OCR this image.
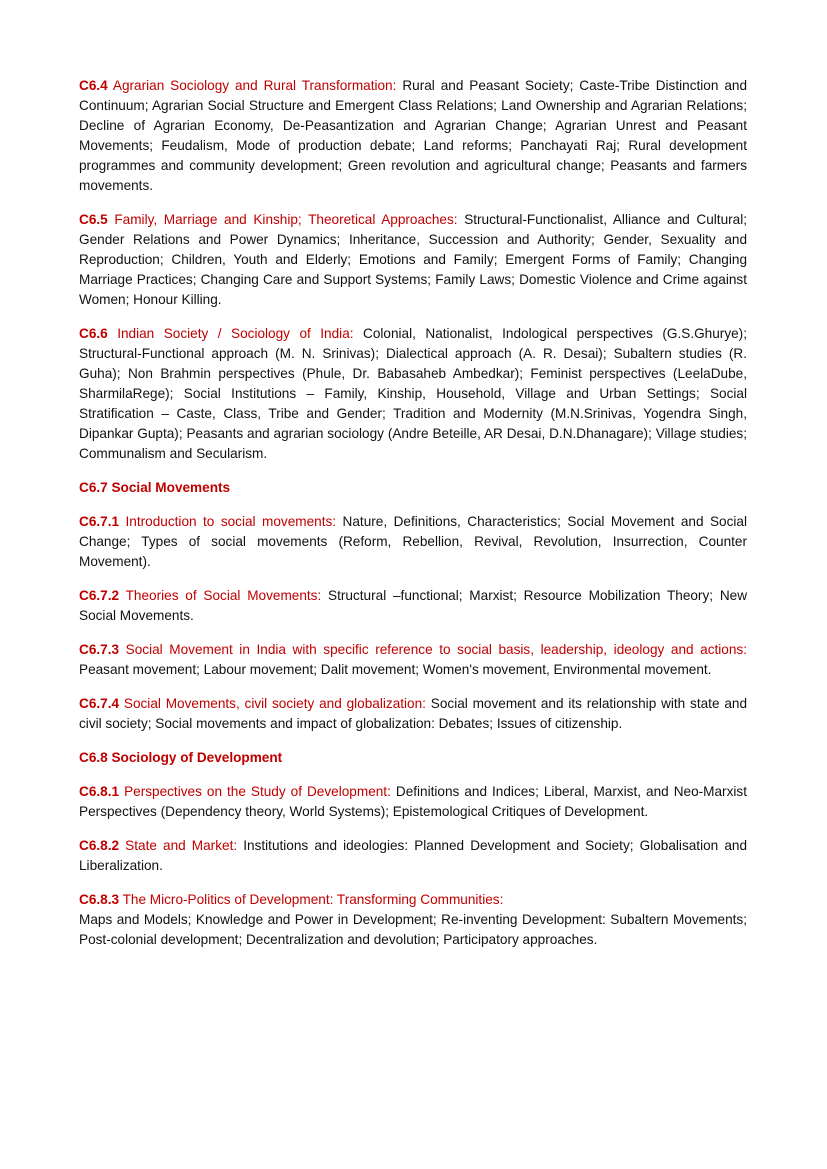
C6.4 Agrarian Sociology and Rural Transformation: Rural and Peasant Society; Caste-Tribe Distinction and Continuum; Agrarian Social Structure and Emergent Class Relations; Land Ownership and Agrarian Relations; Decline of Agrarian Economy, De-Peasantization and Agrarian Change; Agrarian Unrest and Peasant Movements; Feudalism, Mode of production debate; Land reforms; Panchayati Raj; Rural development programmes and community development; Green revolution and agricultural change; Peasants and farmers movements.

C6.5 Family, Marriage and Kinship; Theoretical Approaches: Structural-Functionalist, Alliance and Cultural; Gender Relations and Power Dynamics; Inheritance, Succession and Authority; Gender, Sexuality and Reproduction; Children, Youth and Elderly; Emotions and Family; Emergent Forms of Family; Changing Marriage Practices; Changing Care and Support Systems; Family Laws; Domestic Violence and Crime against Women; Honour Killing.

C6.6 Indian Society / Sociology of India: Colonial, Nationalist, Indological perspectives (G.S.Ghurye); Structural-Functional approach (M. N. Srinivas); Dialectical approach (A. R. Desai); Subaltern studies (R. Guha); Non Brahmin perspectives (Phule, Dr. Babasaheb Ambedkar); Feminist perspectives (LeelaDube, SharmilaRege); Social Institutions – Family, Kinship, Household, Village and Urban Settings; Social Stratification – Caste, Class, Tribe and Gender; Tradition and Modernity (M.N.Srinivas, Yogendra Singh, Dipankar Gupta); Peasants and agrarian sociology (Andre Beteille, AR Desai, D.N.Dhanagare); Village studies; Communalism and Secularism.

C6.7 Social Movements

C6.7.1 Introduction to social movements: Nature, Definitions, Characteristics; Social Movement and Social Change; Types of social movements (Reform, Rebellion, Revival, Revolution, Insurrection, Counter Movement).

C6.7.2 Theories of Social Movements: Structural –functional; Marxist; Resource Mobilization Theory; New Social Movements.

C6.7.3 Social Movement in India with specific reference to social basis, leadership, ideology and actions: Peasant movement; Labour movement; Dalit movement; Women's movement, Environmental movement.

C6.7.4 Social Movements, civil society and globalization: Social movement and its relationship with state and civil society; Social movements and impact of globalization: Debates; Issues of citizenship.

C6.8 Sociology of Development

C6.8.1 Perspectives on the Study of Development: Definitions and Indices; Liberal, Marxist, and Neo-Marxist Perspectives (Dependency theory, World Systems); Epistemological Critiques of Development.

C6.8.2 State and Market: Institutions and ideologies: Planned Development and Society; Globalisation and Liberalization.

C6.8.3 The Micro-Politics of Development: Transforming Communities:
Maps and Models; Knowledge and Power in Development; Re-inventing Development: Subaltern Movements; Post-colonial development; Decentralization and devolution; Participatory approaches.
